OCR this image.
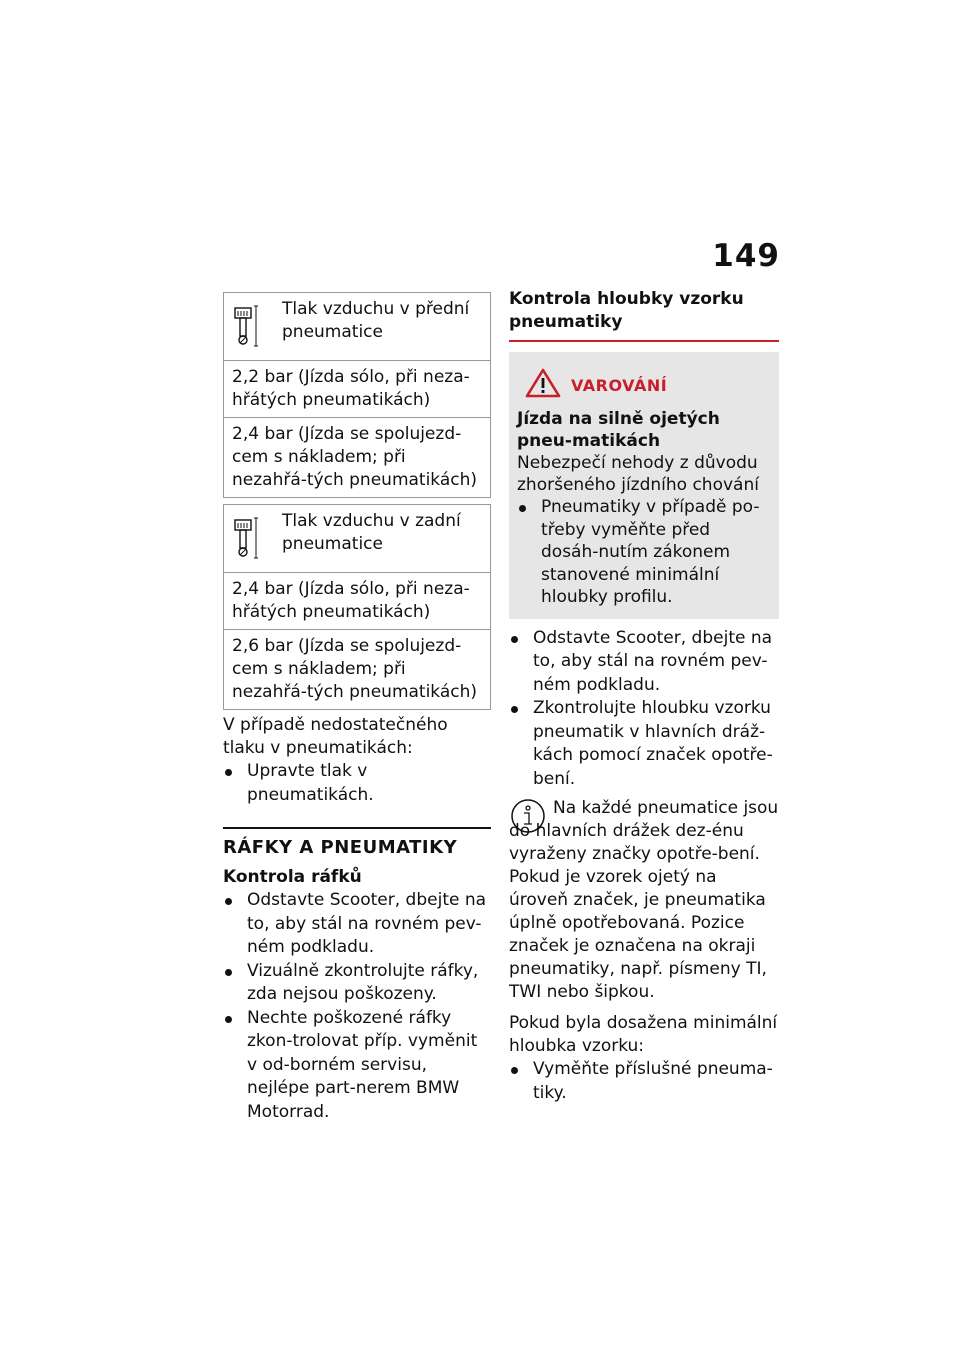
149
Tlak vzduchu v přední pneumatice
2,2 bar (Jízda sólo, při neza-hřátých pneumatikách)
2,4 bar (Jízda se spolujezd-cem s nákladem; při nezahřá-tých pneumatikách)
Tlak vzduchu v zadní pneumatice
2,4 bar (Jízda sólo, při neza-hřátých pneumatikách)
2,6 bar (Jízda se spolujezd-cem s nákladem; při nezahřá-tých pneumatikách)

V případě nedostatečného tlaku v pneumatikách:

Upravte tlak v pneumatikách.
RÁFKY A PNEUMATIKY
Kontrola ráfků
Odstavte Scooter, dbejte na to, aby stál na rovném pev-ném podkladu.
Vizuálně zkontrolujte ráfky, zda nejsou poškozeny.
Nechte poškozené ráfky zkon-trolovat příp. vyměnit v od-borném servisu, nejlépe part-nerem BMW Motorrad.
Kontrola hloubky vzorku pneumatiky
VAROVÁNÍ

Jízda na silně ojetých pneu-matikách

Nebezpečí nehody z důvodu zhoršeného jízdního chování

Pneumatiky v případě po-třeby vyměňte před dosáh-nutím zákonem stanovené minimální hloubky profilu.
Odstavte Scooter, dbejte na to, aby stál na rovném pev-ném podkladu.
Zkontrolujte hloubku vzorku pneumatik v hlavních dráž-kách pomocí značek opotře-bení.

Na každé pneumatice jsou do hlavních drážek dez-énu vyraženy značky opotře-bení. Pokud je vzorek ojetý na úroveň značek, je pneumatika úplně opotřebovaná. Pozice značek je označena na okraji pneumatiky, např. písmeny TI, TWI nebo šipkou.

Pokud byla dosažena minimální hloubka vzorku:

Vyměňte příslušné pneuma-tiky.
